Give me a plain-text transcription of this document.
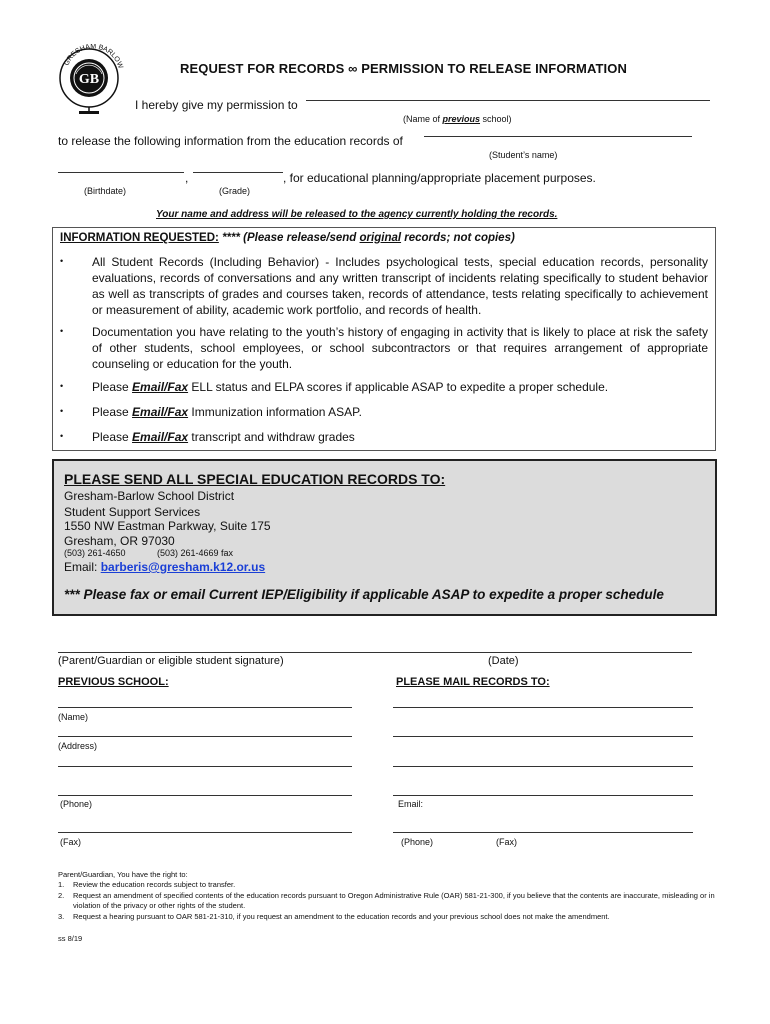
GB
GRESHAM BARLOW	REQUEST FOR RECORDS ∞ PERMISSION TO RELEASE INFORMATION
I hereby give my permission to
(Name of previous school)
to release the following information from the education records of
(Student’s name)
,	, for educational planning/appropriate placement purposes.
(Birthdate)	(Grade)
Your name and address will be released to the agency currently holding the records.
INFORMATION REQUESTED: **** (Please release/send original records; not copies)
• All Student Records (Including Behavior) - Includes psychological tests, special education records, personality evaluations, records of conversations and any written transcript of incidents relating specifically to student behavior as well as transcripts of grades and courses taken, records of attendance, tests relating specifically to achievement or measurement of ability, academic work portfolio, and records of health.
• Documentation you have relating to the youth’s history of engaging in activity that is likely to place at risk the safety of other students, school employees, or school subcontractors or that requires arrangement of appropriate counseling or education for the youth.
• Please Email/Fax ELL status and ELPA scores if applicable ASAP to expedite a proper schedule.
• Please Email/Fax Immunization information ASAP.
• Please Email/Fax transcript and withdraw grades
PLEASE SEND ALL SPECIAL EDUCATION RECORDS TO:
Gresham-Barlow School District
Student Support Services
1550 NW Eastman Parkway, Suite 175
Gresham, OR 97030
(503) 261-4650	(503) 261-4669 fax
Email: barberis@gresham.k12.or.us
*** Please fax or email Current IEP/Eligibility if applicable ASAP to expedite a proper schedule
(Parent/Guardian or eligible student signature)	(Date)
PREVIOUS SCHOOL:	PLEASE MAIL RECORDS TO:
(Name)
(Address)
(Phone)	Email:
(Fax)	(Phone)	(Fax)
Parent/Guardian, You have the right to:
1.	Review the education records subject to transfer.
2.	Request an amendment of specified contents of the education records pursuant to Oregon Administrative Rule (OAR) 581-21-300, if you believe that the contents are inaccurate, misleading or in violation of the privacy or other rights of the student.
3.	Request a hearing pursuant to OAR 581-21-310, if you request an amendment to the education records and your previous school does not make the amendment.
ss 8/19
